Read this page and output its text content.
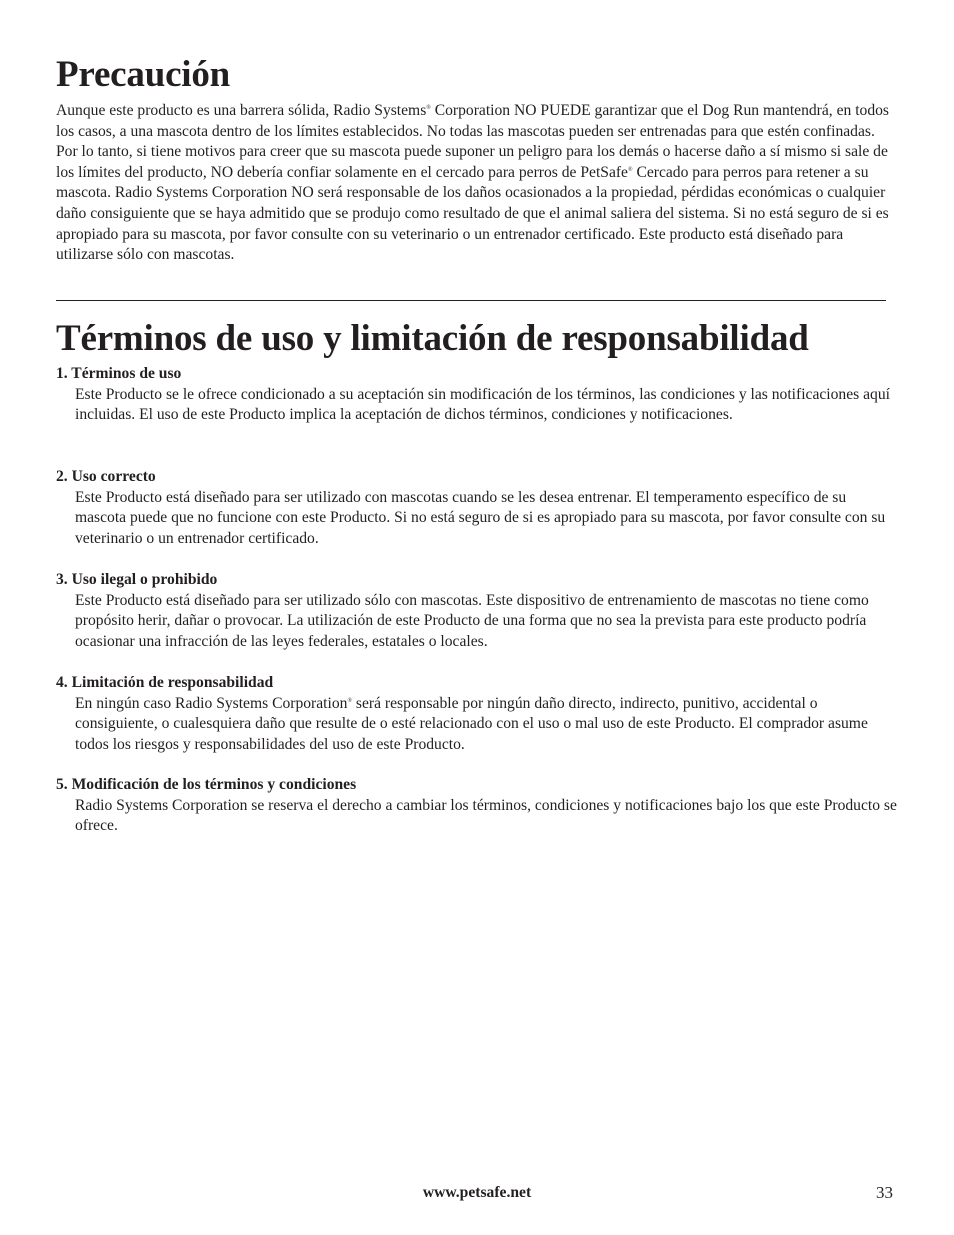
Precaución

Aunque este producto es una barrera sólida, Radio Systems® Corporation NO PUEDE garantizar que el Dog Run mantendrá, en todos los casos, a una mascota dentro de los límites establecidos. No todas las mascotas pueden ser entrenadas para que estén confinadas. Por lo tanto, si tiene motivos para creer que su mascota puede suponer un peligro para los demás o hacerse daño a sí mismo si sale de los límites del producto, NO debería confiar solamente en el cercado para perros de PetSafe® Cercado para perros para retener a su mascota. Radio Systems Corporation NO será responsable de los daños ocasionados a la propiedad, pérdidas económicas o cualquier daño consiguiente que se haya admitido que se produjo como resultado de que el animal saliera del sistema. Si no está seguro de si es apropiado para su mascota, por favor consulte con su veterinario o un entrenador certificado. Este producto está diseñado para utilizarse sólo con mascotas.

Términos de uso y limitación de responsabilidad

1. Términos de uso

Este Producto se le ofrece condicionado a su aceptación sin modificación de los términos, las condiciones y las notificaciones aquí incluidas. El uso de este Producto implica la aceptación de dichos términos, condiciones y notificaciones.

2. Uso correcto

Este Producto está diseñado para ser utilizado con mascotas cuando se les desea entrenar. El temperamento específico de su mascota puede que no funcione con este Producto. Si no está seguro de si es apropiado para su mascota, por favor consulte con su veterinario o un entrenador certificado.

3. Uso ilegal o prohibido

Este Producto está diseñado para ser utilizado sólo con mascotas. Este dispositivo de entrenamiento de mascotas no tiene como propósito herir, dañar o provocar. La utilización de este Producto de una forma que no sea la prevista para este producto podría ocasionar una infracción de las leyes federales, estatales o locales.

4. Limitación de responsabilidad

En ningún caso Radio Systems Corporation® será responsable por ningún daño directo, indirecto, punitivo, accidental o consiguiente, o cualesquiera daño que resulte de o esté relacionado con el uso o mal uso de este Producto. El comprador asume todos los riesgos y responsabilidades del uso de este Producto.

5. Modificación de los términos y condiciones

Radio Systems Corporation se reserva el derecho a cambiar los términos, condiciones y notificaciones bajo los que este Producto se ofrece.

www.petsafe.net	33
